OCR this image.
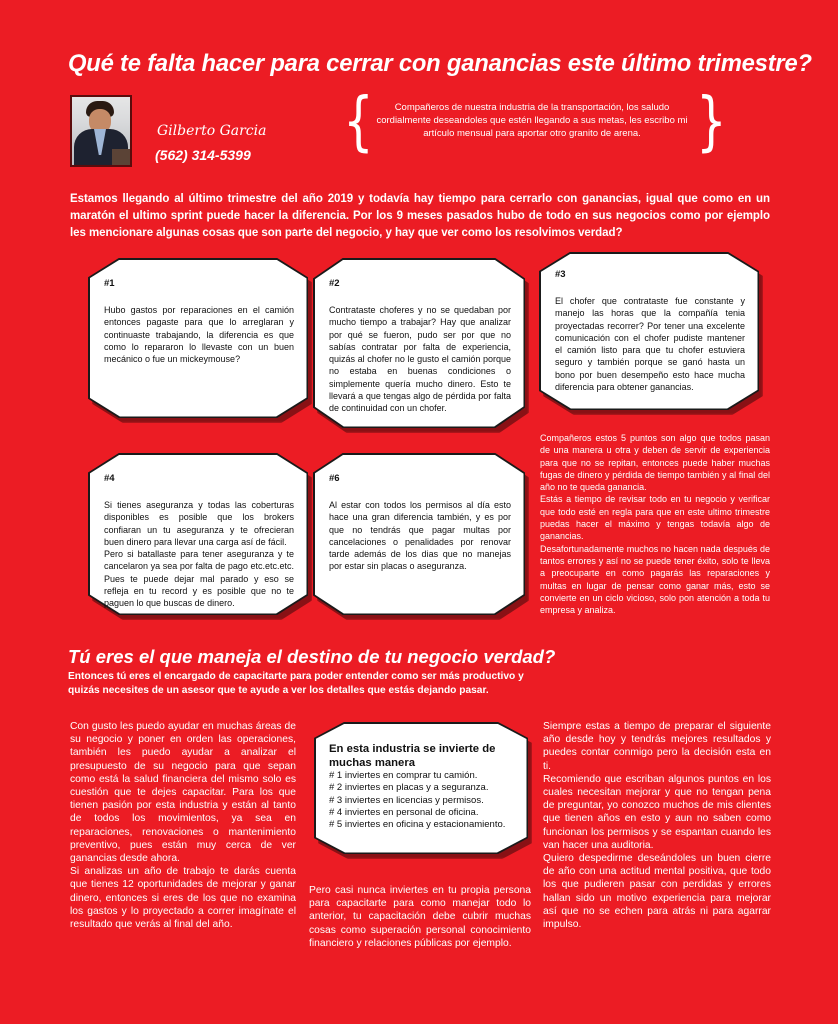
Qué te falta hacer para cerrar con ganancias este último trimestre?
Gilberto Garcia
(562) 314-5399 {	Compañeros de nuestra industria de la transportación, los saludo cordialmente deseandoles que estén llegando a sus metas, les escribo mi artículo mensual para aportar otro granito de arena. }

Estamos llegando al último trimestre del año 2019 y todavía hay tiempo para cerrarlo con ganancias, igual que como en un maratón el ultimo sprint puede hacer la diferencia. Por los 9 meses pasados hubo de todo en sus negocios como por ejemplo les mencionare algunas cosas que son parte del negocio, y hay que ver como los resolvimos verdad?

#1
Hubo gastos por reparaciones en el camión entonces pagaste para que lo arreglaran y continuaste trabajando, la diferencia es que como lo repararon lo llevaste con un buen mecánico o fue un mickeymouse?
#2
Contrataste choferes y no se quedaban por mucho tiempo a trabajar? Hay que analizar por qué se fueron, pudo ser por que no sabías contratar por falta de experiencia, quizás al chofer no le gusto el camión porque no estaba en buenas condiciones o simplemente quería mucho dinero. Esto te llevará a que tengas algo de pérdida por falta de continuidad con un chofer.
#3
El chofer que contrataste fue constante y manejo las horas que la compañía tenia proyectadas recorrer? Por tener una excelente comunicación con el chofer pudiste mantener el camión listo para que tu chofer estuviera seguro y también porque se ganó hasta un bono por buen desempeño esto hace mucha diferencia para obtener ganancias.
#4
Si tienes aseguranza y todas las coberturas disponibles es posible que los brokers confiaran un tu aseguranza y te ofrecieran buen dinero para llevar una carga así de fácil.
Pero si batallaste para tener aseguranza y te cancelaron ya sea por falta de pago etc.etc.etc. Pues te puede dejar mal parado y eso se refleja en tu record y es posible que no te paguen lo que buscas de dinero.
#6
Al estar con todos los permisos al día esto hace una gran diferencia también, y es por que no tendrás que pagar multas por cancelaciones o penalidades por renovar tarde además de los dias que no manejas por estar sin placas o aseguranza.

Compañeros estos 5 puntos son algo que todos pasan de una manera u otra y deben de servir de experiencia para que no se repitan, entonces puede haber muchas fugas de dinero y pérdida de tiempo también y al final del año no te queda ganancia.

Estás a tiempo de revisar todo en tu negocio y verificar que todo esté en regla para que en este ultimo trimestre puedas hacer el máximo y tengas todavía algo de ganancias.

Desafortunadamente muchos no hacen nada después de tantos errores y así no se puede tener éxito, solo te lleva a preocuparte en como pagarás las reparaciones y multas en lugar de pensar como ganar más, esto se convierte en un ciclo vicioso, solo pon atención a toda tu empresa y analiza.

Tú eres el que maneja el destino de tu negocio verdad?

Entonces tú eres el encargado de capacitarte para poder entender como ser más productivo y quizás necesites de un asesor que te ayude a ver los detalles que estás dejando pasar.

Con gusto les puedo ayudar en muchas áreas de su negocio y poner en orden las operaciones, también les puedo ayudar a analizar el presupuesto de su negocio para que sepan como está la salud financiera del mismo solo es cuestión que te dejes capacitar. Para los que tienen pasión por esta industria y están al tanto de todos los movimientos, ya sea en reparaciones, renovaciones o mantenimiento preventivo, pues están muy cerca de ver ganancias desde ahora.

Si analizas un año de trabajo te darás cuenta que tienes 12 oportunidades de mejorar y ganar dinero, entonces si eres de los que no examina los gastos y lo proyectado a correr imagínate el resultado que verás al final del año.

En esta industria se invierte de muchas manera
# 1 inviertes en comprar tu camión.
# 2 inviertes en placas y a seguranza.
# 3 inviertes en licencias y permisos.
# 4 inviertes en personal de oficina.
# 5 inviertes en oficina y estacionamiento.

Pero casi nunca inviertes en tu propia persona para capacitarte para como manejar todo lo anterior, tu capacitación debe cubrir muchas cosas como superación personal conocimiento financiero y relaciones públicas por ejemplo.

Siempre estas a tiempo de preparar el siguiente año desde hoy y tendrás mejores resultados y puedes contar conmigo pero la decisión esta en ti.

Recomiendo que escriban algunos puntos en los cuales necesitan mejorar y que no tengan pena de preguntar, yo conozco muchos de mis clientes que tienen años en esto y aun no saben como funcionan los permisos y se espantan cuando les van hacer una auditoria.

Quiero despedirme deseándoles un buen cierre de año con una actitud mental positiva, que todo los que pudieren pasar con perdidas y errores hallan sido un motivo experiencia para mejorar así que no se echen para atrás ni para agarrar impulso.
